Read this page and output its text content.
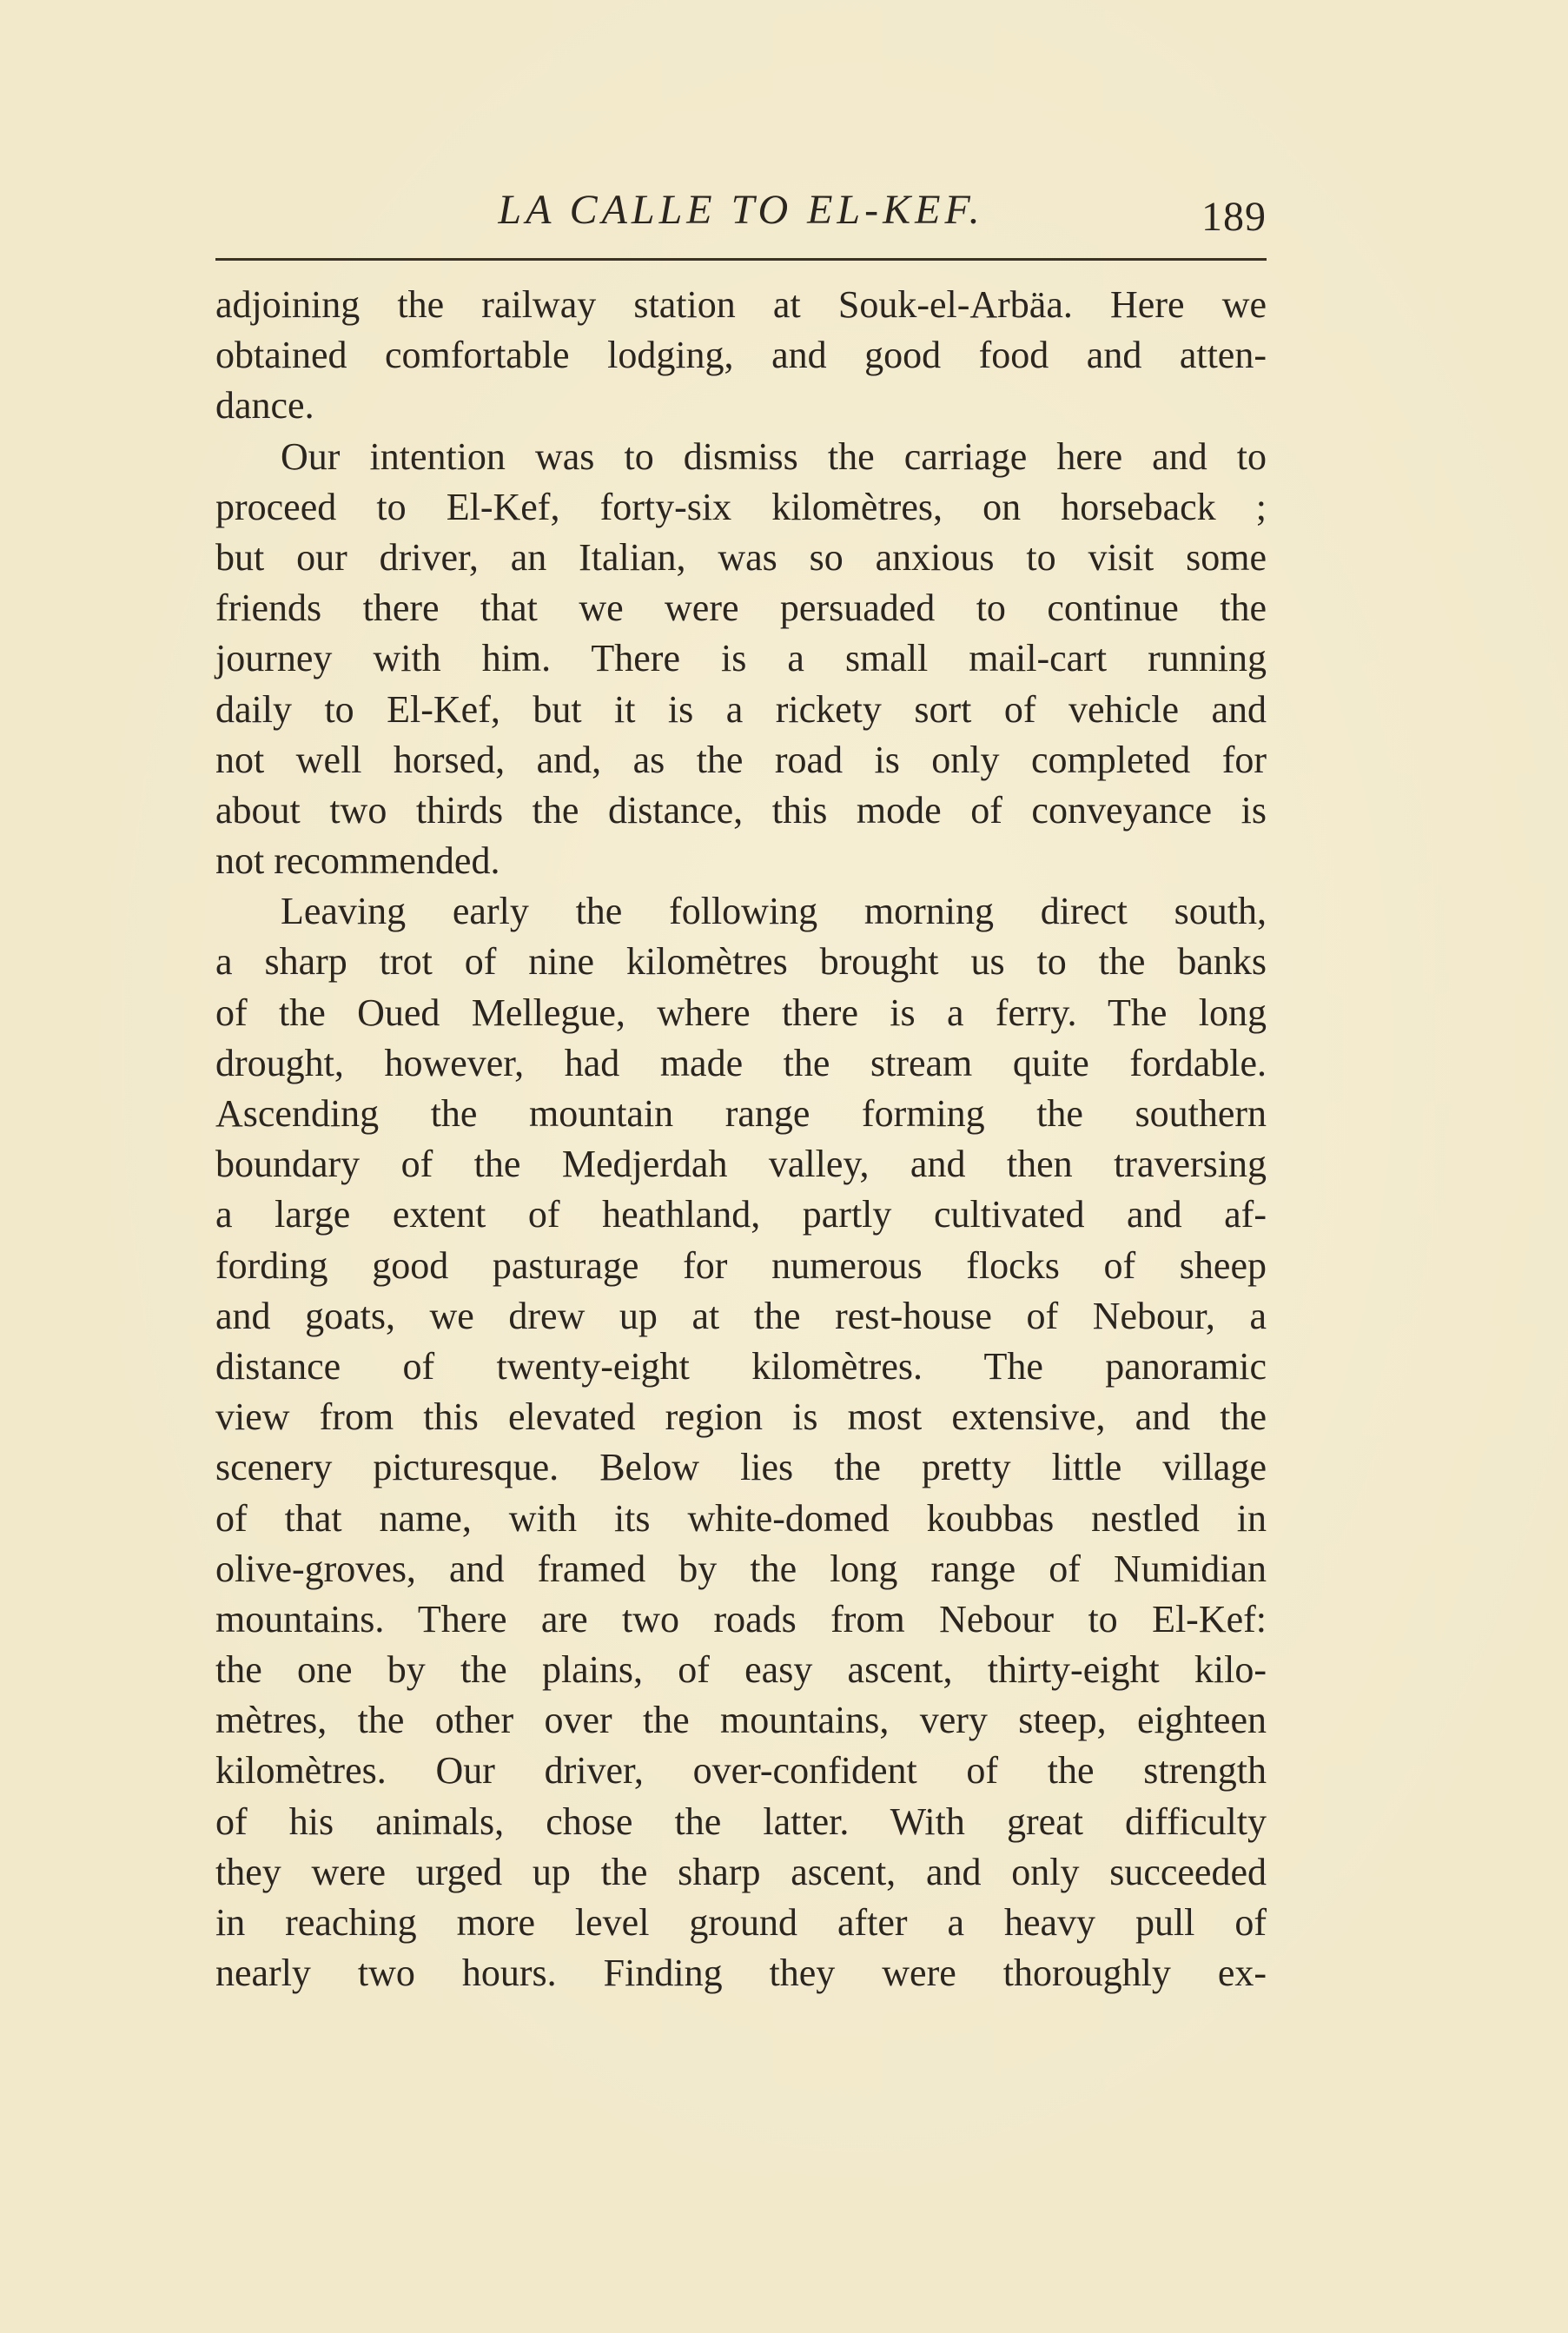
LA CALLE TO EL-KEF.	189
adjoining the railway station at Souk-el-Arbäa. Here we
obtained comfortable lodging, and good food and atten-
dance.
Our intention was to dismiss the carriage here and to
proceed to El-Kef, forty-six kilomètres, on horseback ;
but our driver, an Italian, was so anxious to visit some
friends there that we were persuaded to continue the
journey with him. There is a small mail-cart running
daily to El-Kef, but it is a rickety sort of vehicle and
not well horsed, and, as the road is only completed for
about two thirds the distance, this mode of conveyance is
not recommended.
Leaving early the following morning direct south,
a sharp trot of nine kilomètres brought us to the banks
of the Oued Mellegue, where there is a ferry. The long
drought, however, had made the stream quite fordable.
Ascending the mountain range forming the southern
boundary of the Medjerdah valley, and then traversing
a large extent of heathland, partly cultivated and af-
fording good pasturage for numerous flocks of sheep
and goats, we drew up at the rest-house of Nebour, a
distance of twenty-eight kilomètres. The panoramic
view from this elevated region is most extensive, and the
scenery picturesque. Below lies the pretty little village
of that name, with its white-domed koubbas nestled in
olive-groves, and framed by the long range of Numidian
mountains. There are two roads from Nebour to El-Kef:
the one by the plains, of easy ascent, thirty-eight kilo-
mètres, the other over the mountains, very steep, eighteen
kilomètres. Our driver, over-confident of the strength
of his animals, chose the latter. With great difficulty
they were urged up the sharp ascent, and only succeeded
in reaching more level ground after a heavy pull of
nearly two hours. Finding they were thoroughly ex-
